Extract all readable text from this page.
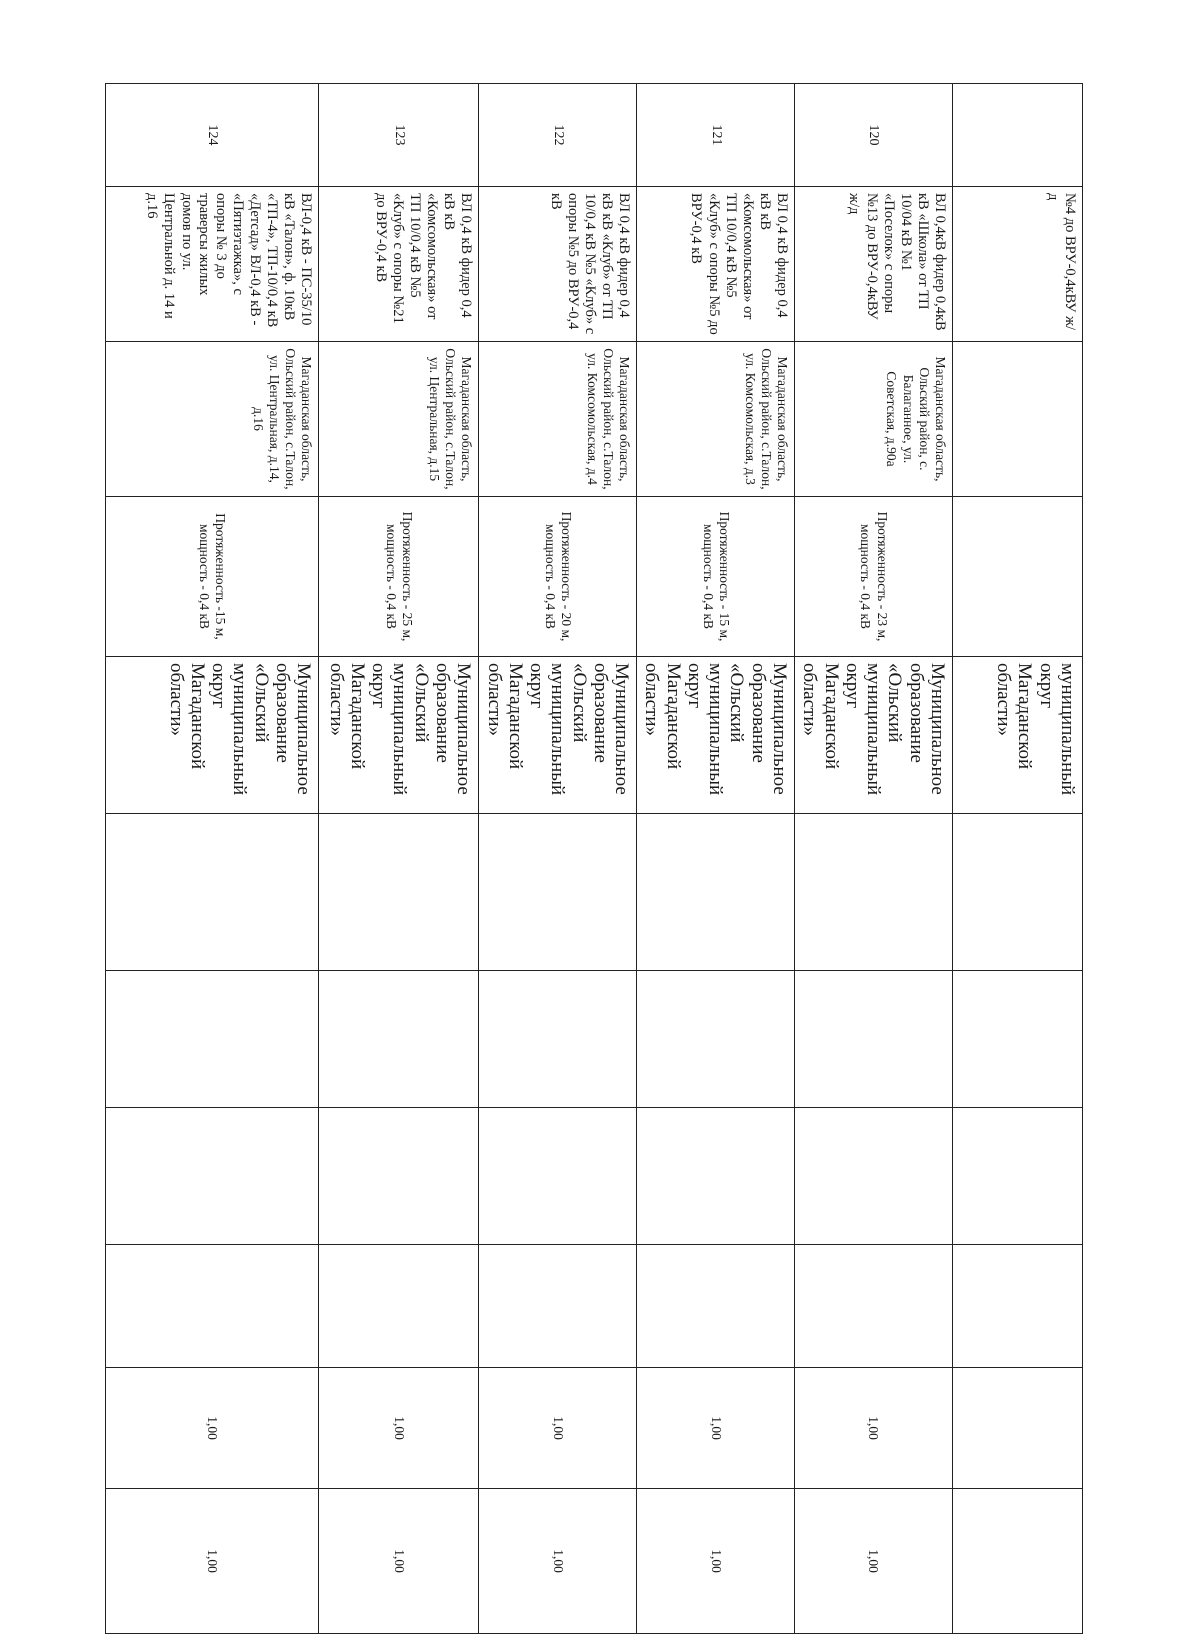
	№4 до ВРУ-0,4кВУ ж/д			муниципальный округ Магаданской области»						
120	ВЛ 0,4кВ фидер 0,4кВ кВ «Школа» от ТП 10/04 кВ №1 «Поселок» с опоры №13 до ВРУ-0,4кВУ ж/д	Магаданская область, Ольский район, с. Балаганное, ул. Советская, д.90а	Протяженность - 23 м, мощность - 0,4 кВ	Муниципальное образование «Ольский муниципальный округ Магаданской области»					1,00	1,00
121	ВЛ 0,4 кВ фидер 0,4 кВ кВ «Комсомольская» от ТП 10/0,4 кВ №5 «Клуб» с опоры №5 до ВРУ-0,4 кВ	Магаданская область, Ольский район, с.Талон, ул. Комсомольская, д.3	Протяженность - 15 м, мощность - 0,4 кВ	Муниципальное образование «Ольский муниципальный округ Магаданской области»					1,00	1,00
122	ВЛ 0,4 кВ фидер 0,4 кВ кВ «Клуб» от ТП 10/0,4 кВ №5 «Клуб» с опоры №5 до ВРУ-0,4 кВ	Магаданская область, Ольский район, с.Талон, ул. Комсомольская, д.4	Протяженность - 20 м, мощность - 0,4 кВ	Муниципальное образование «Ольский муниципальный округ Магаданской области»					1,00	1,00
123	ВЛ 0,4 кВ фидер 0,4 кВ кВ «Комсомольская» от ТП 10/0,4 кВ №5 «Клуб» с опоры №21 до ВРУ-0,4 кВ	Магаданская область, Ольский район, с.Талон, ул. Центральная, д.15	Протяженность - 25 м, мощность - 0,4 кВ	Муниципальное образование «Ольский муниципальный округ Магаданской области»					1,00	1,00
124	ВЛ-0,4 кВ - ПС-35/10 кВ «Талон», ф. 10кВ «ТП-4», ТП-10/0,4 кВ «Детсад» ВЛ-0,4 кВ - «Пятиэтажка», с опоры № 3 до траверсы жилых домов по ул. Центральной д. 14 и д.16	Магаданская область, Ольский район, с.Талон, ул. Центральная, д.14, д.16	Протяженность -15 м, мощность - 0,4 кВ	Муниципальное образование «Ольский муниципальный округ Магаданской области»					1,00	1,00
